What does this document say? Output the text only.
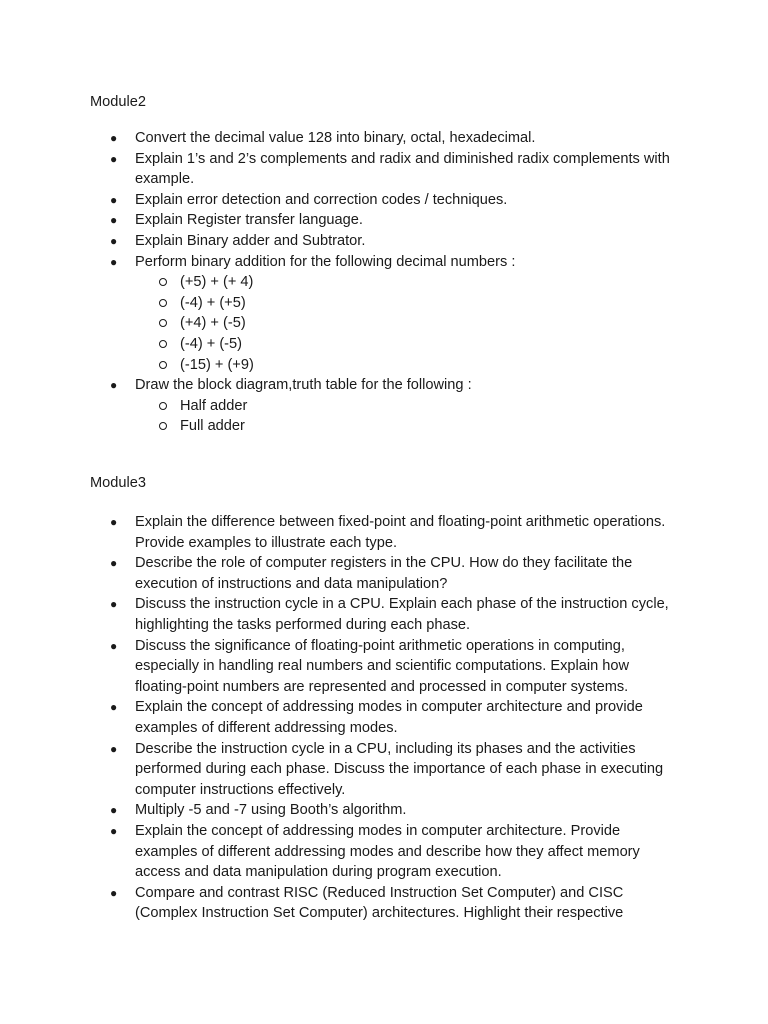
Module2
● Convert the decimal value 128 into binary, octal, hexadecimal.
● Explain 1’s and 2’s complements and radix and diminished radix complements with example.
● Explain error detection and correction codes / techniques.
● Explain Register transfer language.
● Explain Binary adder and Subtrator.
● Perform binary addition for the following decimal numbers :
(+5) + (+ 4)
(-4) + (+5)
(+4) + (-5)
(-4) + (-5)
(-15) + (+9)
● Draw the block diagram,truth table for the following :
Half adder
Full adder
Module3
● Explain the difference between fixed-point and floating-point arithmetic operations. Provide examples to illustrate each type.
● Describe the role of computer registers in the CPU. How do they facilitate the execution of instructions and data manipulation?
● Discuss the instruction cycle in a CPU. Explain each phase of the instruction cycle, highlighting the tasks performed during each phase.
● Discuss the significance of floating-point arithmetic operations in computing, especially in handling real numbers and scientific computations. Explain how floating-point numbers are represented and processed in computer systems.
● Explain the concept of addressing modes in computer architecture and provide examples of different addressing modes.
● Describe the instruction cycle in a CPU, including its phases and the activities performed during each phase. Discuss the importance of each phase in executing computer instructions effectively.
● Multiply -5 and -7 using Booth’s algorithm.
● Explain the concept of addressing modes in computer architecture. Provide examples of different addressing modes and describe how they affect memory access and data manipulation during program execution.
● Compare and contrast RISC (Reduced Instruction Set Computer) and CISC (Complex Instruction Set Computer) architectures. Highlight their respective
